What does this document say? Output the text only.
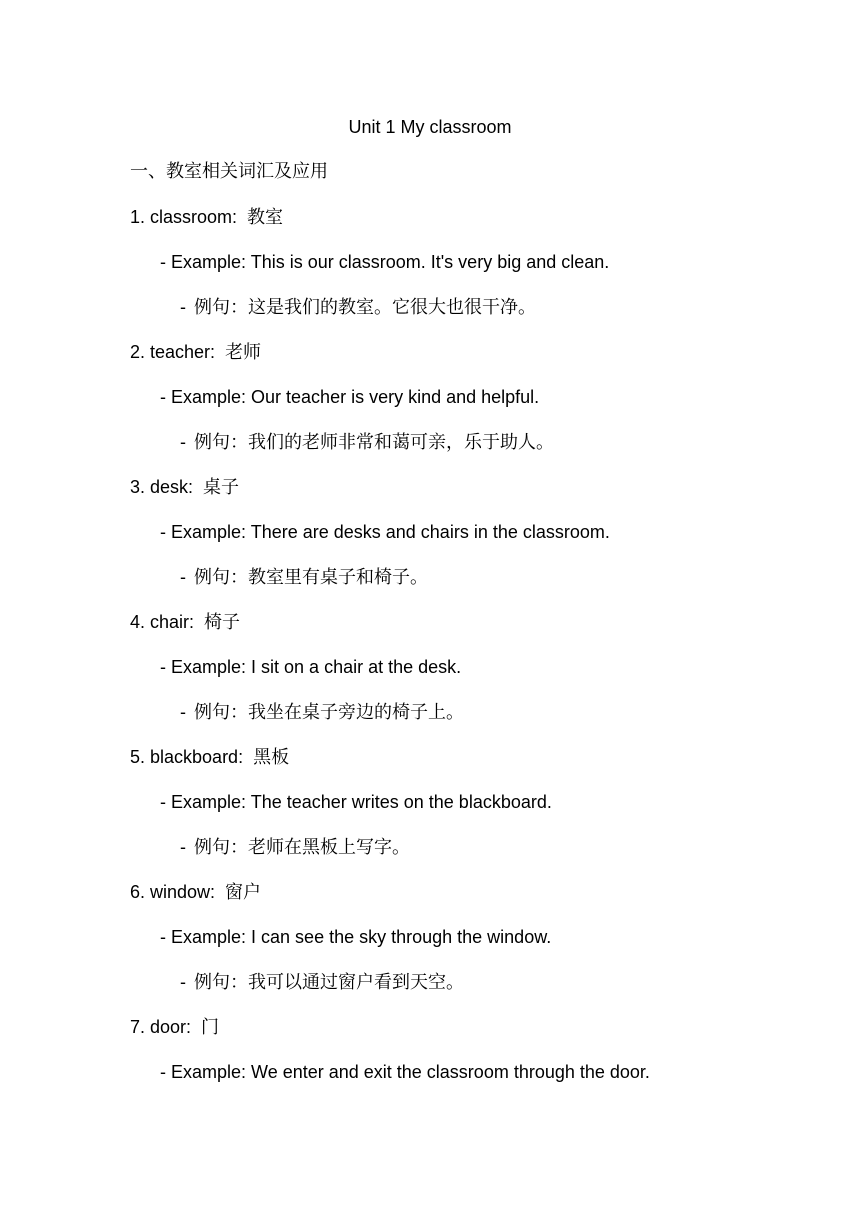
Unit 1 My classroom
一、教室相关词汇及应用
1. classroom: 教室
- Example: This is our classroom. It's very big and clean.
- 例句：这是我们的教室。它很大也很干净。
2. teacher: 老师
- Example: Our teacher is very kind and helpful.
- 例句：我们的老师非常和蔼可亲，乐于助人。
3. desk: 桌子
- Example: There are desks and chairs in the classroom.
- 例句：教室里有桌子和椅子。
4. chair: 椅子
- Example: I sit on a chair at the desk.
- 例句：我坐在桌子旁边的椅子上。
5. blackboard: 黑板
- Example: The teacher writes on the blackboard.
- 例句：老师在黑板上写字。
6. window: 窗户
- Example: I can see the sky through the window.
- 例句：我可以通过窗户看到天空。
7. door: 门
- Example: We enter and exit the classroom through the door.
